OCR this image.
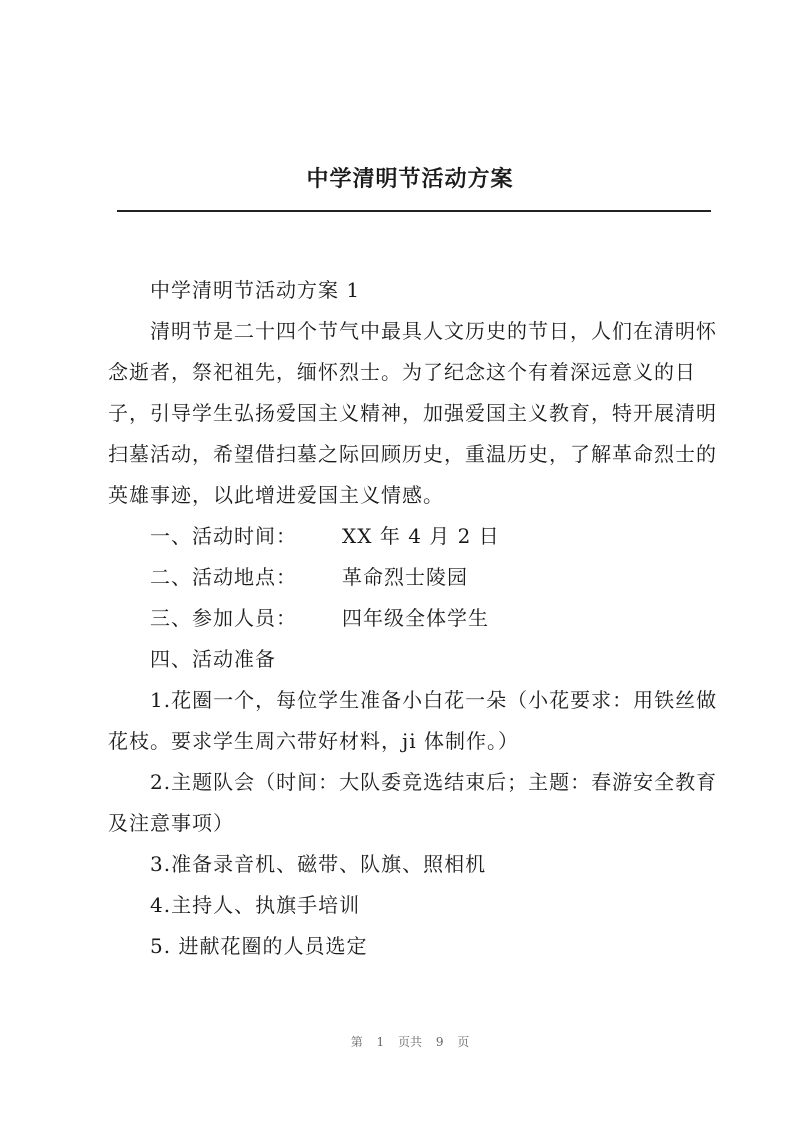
中学清明节活动方案

中学清明节活动方案 1

清明节是二十四个节气中最具人文历史的节日，人们在清明怀念逝者，祭祀祖先，缅怀烈士。为了纪念这个有着深远意义的日子，引导学生弘扬爱国主义精神，加强爱国主义教育，特开展清明扫墓活动，希望借扫墓之际回顾历史，重温历史，了解革命烈士的英雄事迹，以此增进爱国主义情感。

一、活动时间：	XX 年 4 月 2 日
二、活动地点：	革命烈士陵园
三、参加人员：	四年级全体学生

四、活动准备

1.花圈一个，每位学生准备小白花一朵（小花要求：用铁丝做花枝。要求学生周六带好材料，ji 体制作。）

2.主题队会（时间：大队委竞选结束后；主题：春游安全教育及注意事项）

3.准备录音机、磁带、队旗、照相机

4.主持人、执旗手培训

5. 进献花圈的人员选定

第 1 页共 9 页
